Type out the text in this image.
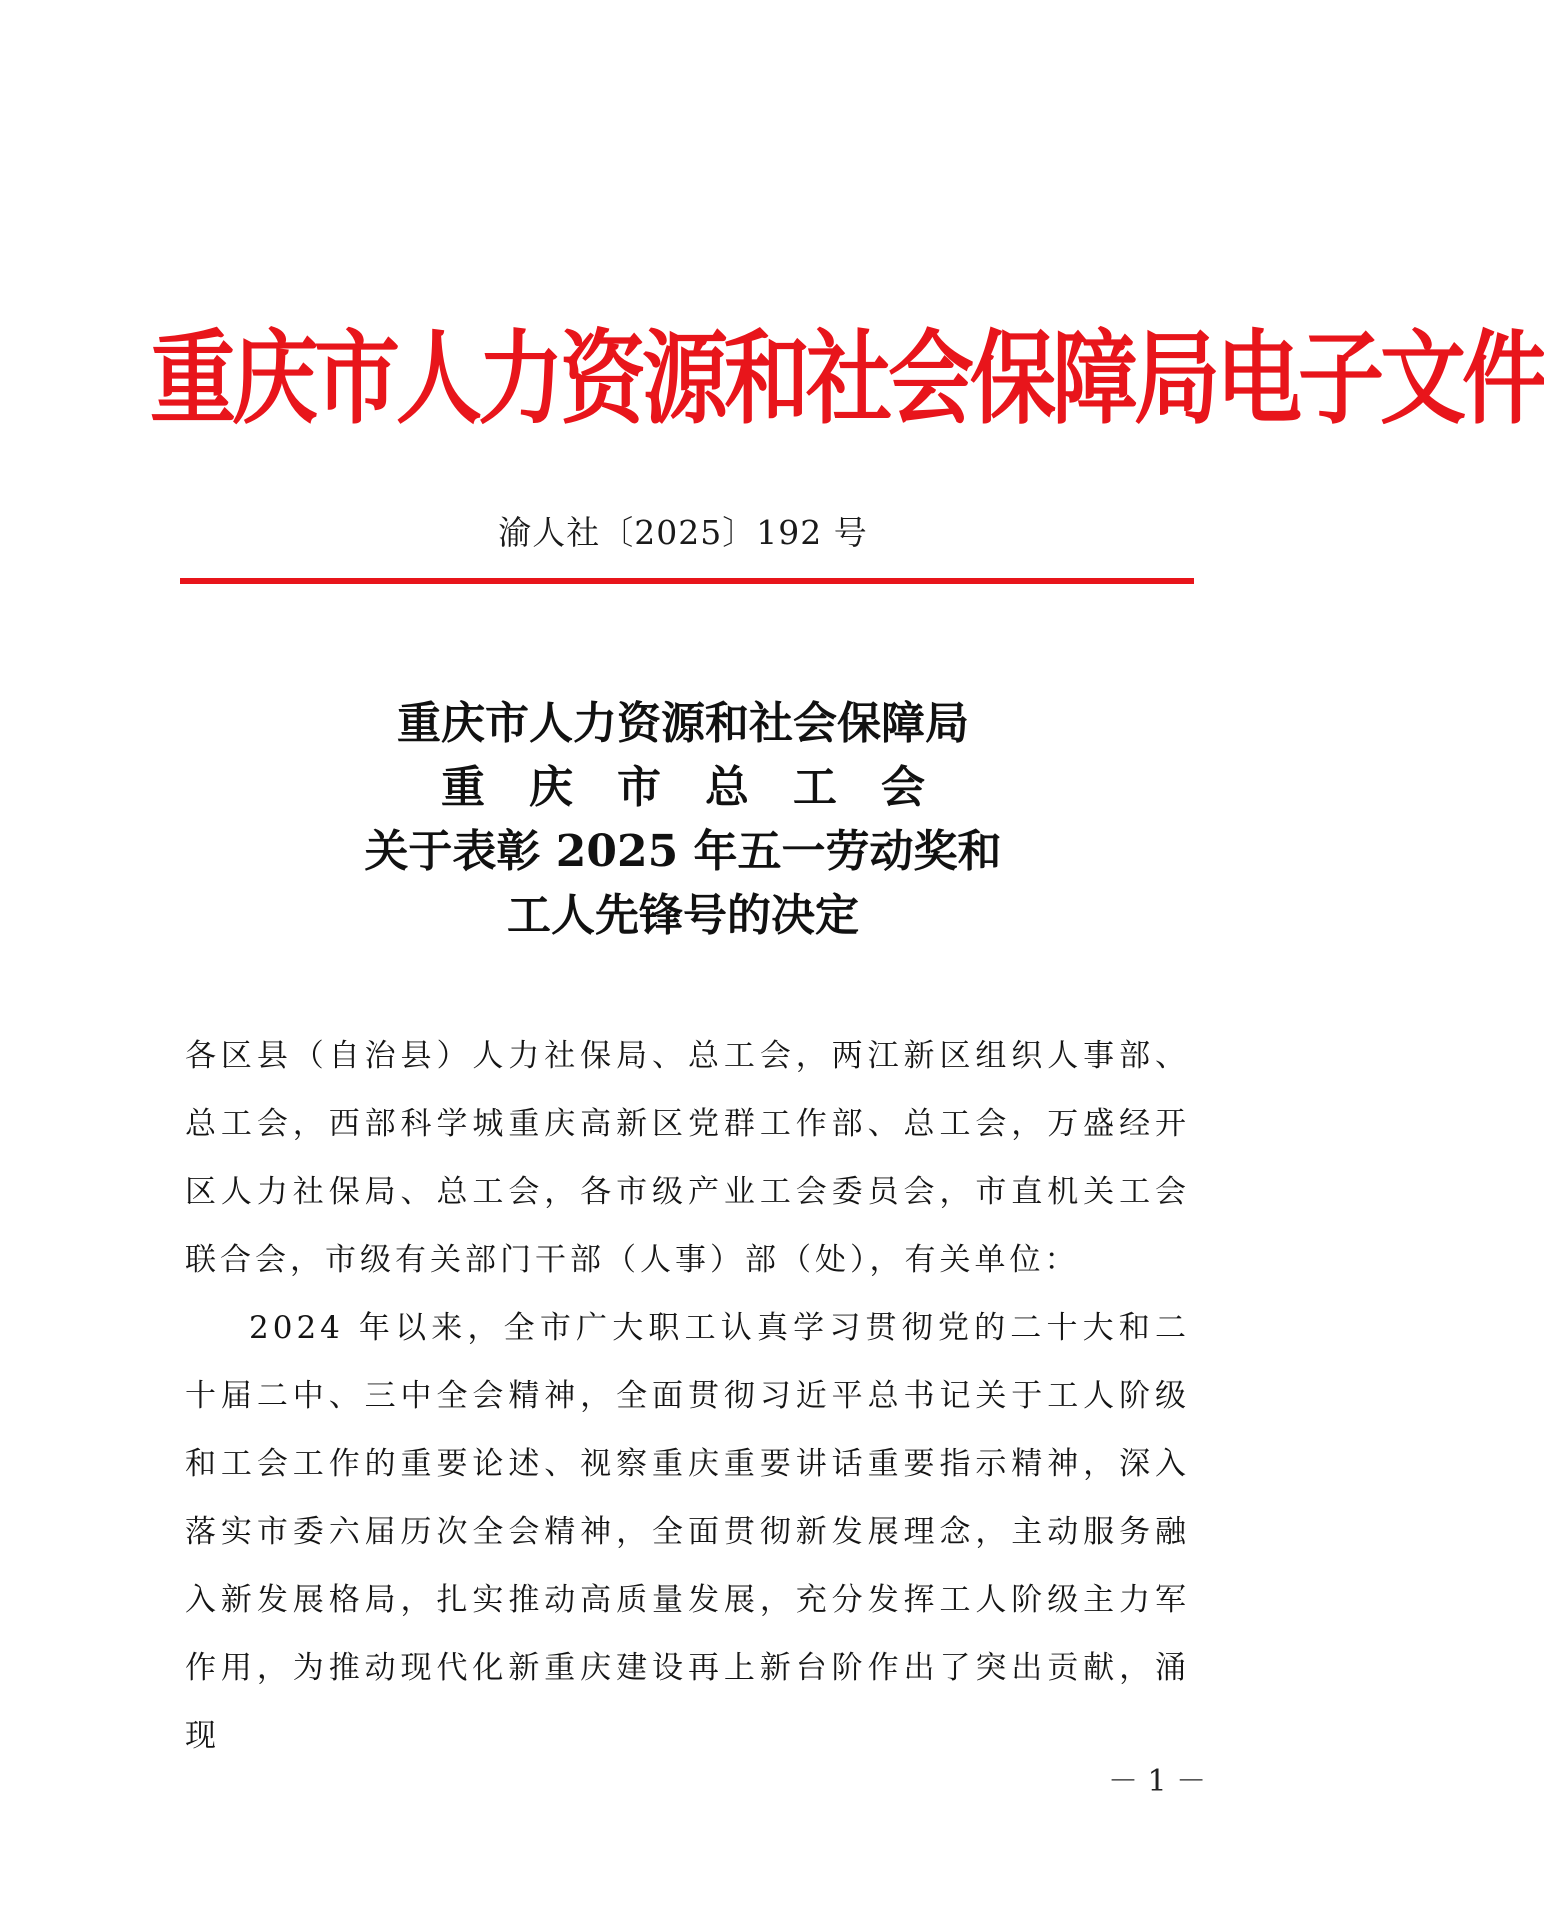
重庆市人力资源和社会保障局电子文件
渝人社〔2025〕192 号
重庆市人力资源和社会保障局
重庆市总工会
关于表彰 2025 年五一劳动奖和
工人先锋号的决定

各区县（自治县）人力社保局、总工会，两江新区组织人事部、总工会，西部科学城重庆高新区党群工作部、总工会，万盛经开区人力社保局、总工会，各市级产业工会委员会，市直机关工会联合会，市级有关部门干部（人事）部（处），有关单位：

2024 年以来，全市广大职工认真学习贯彻党的二十大和二十届二中、三中全会精神，全面贯彻习近平总书记关于工人阶级和工会工作的重要论述、视察重庆重要讲话重要指示精神，深入落实市委六届历次全会精神，全面贯彻新发展理念，主动服务融入新发展格局，扎实推动高质量发展，充分发挥工人阶级主力军作用，为推动现代化新重庆建设再上新台阶作出了突出贡献，涌现

－ 1 －
